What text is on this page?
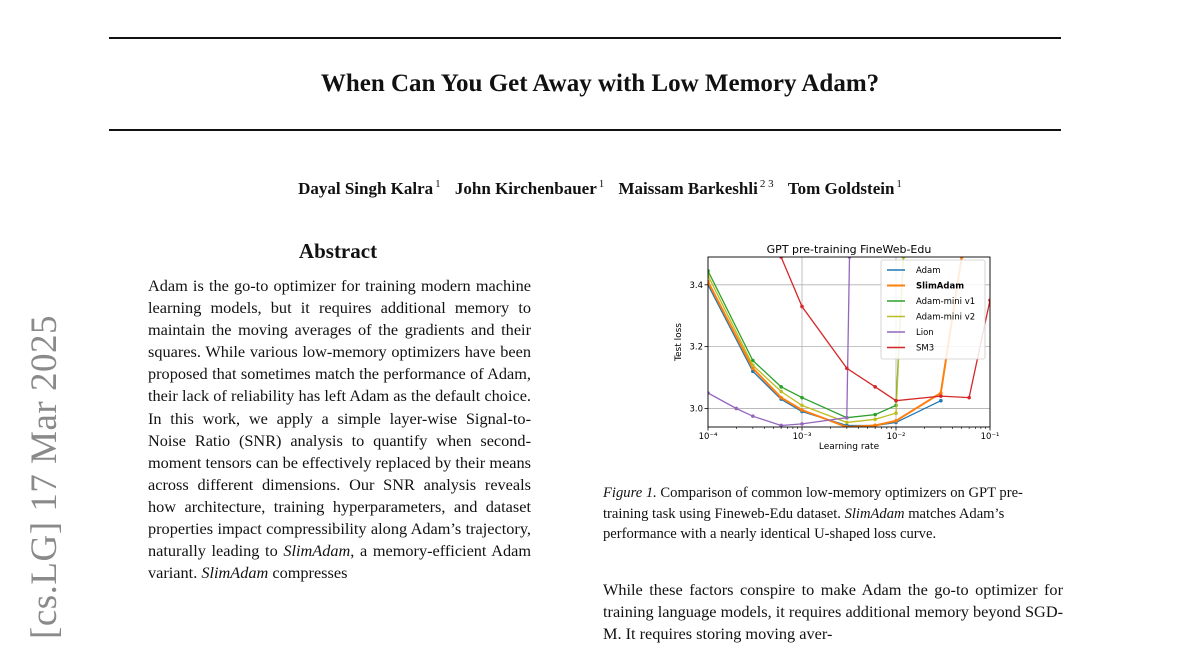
When Can You Get Away with Low Memory Adam?
Dayal Singh Kalra $^1$ John Kirchenbauer $^1$ Maissam Barkeshli $^{2 3}$ Tom Goldstein $^1$
[cs.LG] 17 Mar 2025
Abstract
Adam is the go-to optimizer for training modern machine learning models, but it requires additional memory to maintain the moving averages of the gradients and their squares. While various low-memory optimizers have been proposed that sometimes match the performance of Adam, their lack of reliability has left Adam as the default choice. In this work, we apply a simple layer-wise Signal-to-Noise Ratio (SNR) analysis to quantify when second-moment tensors can be effectively replaced by their means across different dimensions. Our SNR analysis reveals how architecture, training hyperparameters, and dataset properties impact compressibility along Adam’s trajectory, naturally leading to SlimAdam, a memory-efficient Adam variant. SlimAdam compresses
10⁻⁴	10⁻³	10⁻²	10⁻¹
3.0
3.2
3.4
GPT pre-training FineWeb-Edu
Learning rate
Test loss
Adam
SlimAdam
Adam-mini v1
Adam-mini v2
Lion
SM3
Figure 1. Comparison of common low-memory optimizers on GPT pre-training task using Fineweb-Edu dataset. SlimAdam matches Adam’s performance with a nearly identical U-shaped loss curve.
While these factors conspire to make Adam the go-to optimizer for training language models, it requires additional memory beyond SGD-M. It requires storing moving aver-
